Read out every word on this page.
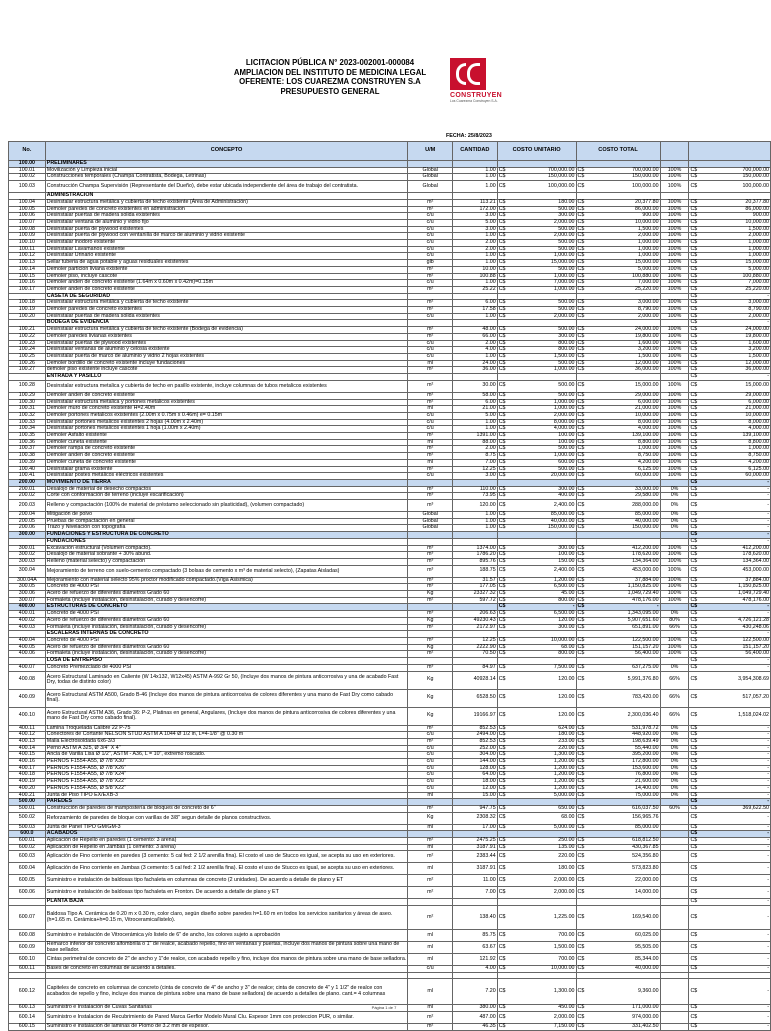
LICITACION PÚBLICA N° 2023-002001-000084
AMPLIACION DEL INSTITUTO DE MEDICINA LEGAL
OFERENTE: LOS CUAREZMA CONSTRUYEN S.A
PRESUPUESTO GENERAL	CONSTRUYEN
Los Cuarezma Construyen S.A.
FECHA: 25/8/2023
No.	CONCEPTO	U/M	CANTIDAD	COSTO UNITARIO	COSTO TOTAL		
100.00	PRELIMINARES						
100.01	Movilización y Limpieza inicial	Global	1.00	C$ 700,000.00	C$ 700,000.00	100%	C$ 700,000.00

100.02	Construcciones temporales (Champa Contratista, Bodega, Letrinas)	Global	1.00	C$ 150,000.00	C$ 150,000.00	100%	C$ 150,000.00

100.03	Construcción Champa Supervisión (Representante del Dueño), debe estar ubicada independiente del área de trabajo del contratista.	Global	1.00	C$ 100,000.00	C$ 100,000.00	100%	C$ 100,000.00

	ADMINISTRACION						
100.04	Desinstalar estructura metálica y cubierta de techo existente (Área de Administración)	m²	113.21	C$ 180.00	C$ 20,377.80	100%	C$ 20,377.80

100.05	Demoler paredes de concreto existentes en administracion	m²	172.00	C$ 500.00	C$ 86,000.00	100%	C$ 86,000.00

100.06	Desinstalar puertas de madera solida existentes	c/u	3.00	C$ 300.00	C$ 900.00	100%	C$ 900.00

100.07	Desinstalar ventana de aluminio y vidrio fijo	c/u	5.00	C$ 2,000.00	C$ 10,000.00	100%	C$ 10,000.00

100.08	Desinstalar puerta de plywood existentes	c/u	3.00	C$ 500.00	C$ 1,500.00	100%	C$ 1,500.00

100.09	Desinstalar puerta de plywood con ventanilla de marco de aluminio y vidrio existente	c/u	1.00	C$ 2,000.00	C$ 2,000.00	100%	C$ 2,000.00

100.10	Desinstalar inodoro existente	c/u	2.00	C$ 500.00	C$ 1,000.00	100%	C$ 1,000.00

100.11	Desinstalar Lavamanos existente	c/u	2.00	C$ 500.00	C$ 1,000.00	100%	C$ 1,000.00

100.12	Desinstalar Urinario existente	c/u	1.00	C$ 1,000.00	C$ 1,000.00	100%	C$ 1,000.00

100.13	Sellar tuberia de agua potable y aguas residuales existentes	glb	1.00	C$ 15,000.00	C$ 15,000.00	100%	C$ 15,000.00

100.14	Demoler particion liviana existente	m²	10.00	C$ 500.00	C$ 5,000.00	100%	C$ 5,000.00

100.15	Demoler piso, incluye cascote	m²	100.88	C$ 1,000.00	C$ 100,880.00	100%	C$ 100,880.00

100.16	Demoler anden de concreto existente (1.64m x 0.60m x 0.42m)=0.15m	c/u	1.00	C$ 7,000.00	C$ 7,000.00	100%	C$ 7,000.00

100.17	Demoler anden de concreto existente	m²	25.22	C$ 1,000.00	C$ 25,220.00	100%	C$ 25,220.00

	CASETA DE SEGURIDAD						C$ -

100.18	Desinstalar estructura metálica y cubierta de techo existente	m²	6.00	C$ 500.00	C$ 3,000.00	100%	C$ 3,000.00

100.19	Demoler paredes de concreto existentes	m²	17.58	C$ 500.00	C$ 8,790.00	100%	C$ 8,790.00

100.20	Desinstalar puertas de madera solida existentes	c/u	1.00	C$ 2,000.00	C$ 2,000.00	100%	C$ 2,000.00

	BODEGA DE EVIDENCIA						C$ -

100.21	Desinstalar estructura metálica y cubierta de techo existente (Bodega de evidencia)	m²	48.00	C$ 500.00	C$ 24,000.00	100%	C$ 24,000.00

100.22	Demoler paredes livianas existentes	m²	66.00	C$ 300.00	C$ 19,800.00	100%	C$ 19,800.00

100.23	Desinstalar puertas de plywood existentes	c/u	2.00	C$ 800.00	C$ 1,600.00	100%	C$ 1,600.00

100.24	Desinstalar ventanas de aluminio y celosia existente	c/u	4.00	C$ 800.00	C$ 3,200.00	100%	C$ 3,200.00

100.25	Desinstalar puerta de marco de aluminio y vidrio 2 hojas existentes	c/u	1.00	C$ 1,500.00	C$ 1,500.00	100%	C$ 1,500.00

100.26	Demoler bordillo de concreto existente incluye fundaciones	ml	24.00	C$ 500.00	C$ 12,000.00	100%	C$ 12,000.00

100.27	demoler piso existente incluye cascote	m²	36.00	C$ 1,000.00	C$ 36,000.00	100%	C$ 36,000.00

	ENTRADA Y PASILLO						C$ -

100.28	Desinstalar estructura metalica y cubierta de techo en pasillo existente, incluye columnas de tubos metalicos existentes	m²	30.00	C$ 500.00	C$ 15,000.00	100%	C$ 15,000.00

100.29	Demoler anden de concreto existente	m²	58.00	C$ 500.00	C$ 29,000.00	100%	C$ 29,000.00

100.30	Desinstalar estructura metalica y portones metalicos existentes	m²	6.00	C$ 1,000.00	C$ 6,000.00	100%	C$ 6,000.00

100.31	Demoler muro de concreto existente H=2.40m	ml	21.00	C$ 1,000.00	C$ 21,000.00	100%	C$ 21,000.00

100.32	Demoler portones metalicos existentes (2.00m x 0.75m x 0.46m) e= 0.15m	c/u	5.00	C$ 2,000.00	C$ 10,000.00	100%	C$ 10,000.00

100.33	Desinstalar portones metalicos existentes 2 hojas (4.00m x 2.40m)	c/u	1.00	C$ 8,000.00	C$ 8,000.00	100%	C$ 8,000.00

100.34	Desinstalar portones metalicos existentes 1 hoja (1.00m x 2.40m)	c/u	1.00	C$ 4,000.00	C$ 4,000.00	100%	C$ 4,000.00

100.35	Demoler Asfalto existente	m²	1391.00	C$ 100.00	C$ 139,100.00	100%	C$ 139,100.00

100.36	Demoler cuneta existente	ml	88.00	C$ 100.00	C$ 8,800.00	100%	C$ 8,800.00

100.37	Demoler rampa de concreto existente	m²	2.00	C$ 500.00	C$ 1,000.00	100%	C$ 1,000.00

100.38	Demoler anden de concreto existente	m²	8.75	C$ 1,000.00	C$ 8,750.00	100%	C$ 8,750.00

100.39	Demoler cuneta de concreto existente	ml	7.00	C$ 600.00	C$ 4,200.00	100%	C$ 4,200.00

100.40	Desinstalar grama existente	m²	12.25	C$ 500.00	C$ 6,125.00	100%	C$ 6,125.00

100.41	Desinstalar postes metálicos eléctricos existentes	c/u	3.00	C$ 20,000.00	C$ 60,000.00	100%	C$ 60,000.00

200.00	MOVIMIENTO DE TIERRA						C$ -

200.01	Desalojo de material de desecho compactos	m³	110.00	C$ 300.00	C$ 33,000.00	0%	C$ -

200.02	Corte con conformación de terreno (incluye escarificación)	m³	73.95	C$ 400.00	C$ 29,580.00	0%	C$ -

200.03	Relleno y compactación (100% de material de préstamo seleccionado sin plasticidad), (volumen compactado)	m³	120.00	C$ 2,400.00	C$ 288,000.00	0%	C$ -

200.04	Mitigación de polvo	Global	1.00	C$ 85,000.00	C$ 85,000.00	0%	C$ -

200.05	Pruebas de compactación en general	Global	1.00	C$ 40,000.00	C$ 40,000.00	0%	C$ -

200.06	Trazo y Nivelación con topografía	Global	1.00	C$ 150,000.00	C$ 150,000.00	0%	C$ -

300.00	FUNDACIONES Y ESTRUCTURA DE CONCRETO						C$ -

	FUNDACIONES						C$ -

300.01	Excavación estructural (Volumen compacto).	m³	1374.00	C$ 300.00	C$ 412,200.00	100%	C$ 412,200.00

300.02	Desalojo de material sobrante + 30% abund.	m³	1786.20	C$ 100.00	C$ 178,620.00	100%	C$ 178,620.00

300.03	Relleno (material selecto) y compactación	m³	895.76	C$ 150.00	C$ 134,364.00	100%	C$ 134,364.00

300.04	Mejoramiento de terreno con suelo-cemento compactado (3 bolsas de cemento x m³ de material selecto), (Zapatas Aisladas)	m³	188.75	C$ 2,400.00	C$ 453,000.00	100%	C$ 453,000.00

300.04A	Mejoramiento con material selecto 95% proctor modificado compactado.(Viga Asismica)	m³	31.57	C$ 1,200.00	C$ 37,884.00	100%	C$ 37,884.00

300.05	Concreto de 4000 PSI	m³	177.05	C$ 6,500.00	C$ 1,150,825.00	100%	C$ 1,150,825.00

300.06	Acero de refuerzo de diferentes diámetros Grado 60	Kg	23327.32	C$ 45.00	C$ 1,049,729.40	100%	C$ 1,049,729.40

300.07	Formaleta (incluye instalación, desinstalación, curado y desencofre)	m²	597.72	C$ 800.00	C$ 478,176.00	100%	C$ 478,176.00

400.00	ESTRUCTURAS DE CONCRETO			C$ -	C$ -		C$ -

400.01	Concreto de 4000 PSI	m³	206.63	C$ 6,500.00	C$ 1,343,095.00	0%	C$ -

400.02	Acero de refuerzo de diferentes diámetros Grado 60	Kg	49230.43	C$ 120.00	C$ 5,907,651.60	80%	C$ 4,726,121.28

400.03	Formaleta (incluye instalación, desinstalación, curado y desencofre)	m²	2172.97	C$ 300.00	C$ 651,891.00	66%	C$ 430,248.06

	ESCALERAS INTERNAS DE CONCRETO						C$ -

400.04	Concreto de 4000 PSI	m³	12.25	C$ 10,000.00	C$ 122,500.00	100%	C$ 122,500.00

400.05	Acero de refuerzo de diferentes diámetros Grado 60	Kg	2222.90	C$ 68.00	C$ 151,157.20	100%	C$ 151,157.20

400.06	Formaleta (incluye instalación, desinstalación, curado y desencofre)	m²	70.50	C$ 800.00	C$ 56,400.00	100%	C$ 56,400.00

	LOSA DE ENTREPISO						C$ -

400.07	Concreto Premezclado de 4000 PSI	m³	84.97	C$ 7,500.00	C$ 637,275.00	0%	C$ -

400.08	Acero Estructural Laminado en Caliente (W 14x132, W12x45) ASTM A-992 Gr 50, (Incluye dos manos de pintura anticorrosiva y una de acabado Fast Dry, todas de distinto color)	Kg	40928.14	C$ 120.00	C$ 5,991,376.80	66%	C$ 3,954,308.69

400.09	Acero Estructural ASTM A500, Grado B-46 (Incluye dos manos de pintura anticorrosiva de colores diferentes y una mano de Fast Dry como cabado final).	Kg	6528.50	C$ 120.00	C$ 783,420.00	66%	C$ 517,057.20

400.10	Acero Estructural ASTM A36, Grado 36: P-2, Platinas en general, Angulares, (Incluye dos manos de pintura anticorrosiva de colores diferentes y una mano de Fast Dry como cabado final).	Kg	19166.97	C$ 120.00	C$ 2,300,036.40	66%	C$ 1,518,024.02

400.11	Lamina Troquelada Calibre 22 P-75	m²	852.53	C$ 624.00	C$ 531,978.72	0%	C$ -

400.12	Conectores de Cortante NELSON STUD ASTM A 1044 Ø 1/2 in, L=4-1/8" @ 0.30 m	c/u	2494.00	C$ 180.00	C$ 448,920.00	0%	C$ -

400.13	Malla Electrosoldada 6x6-3/3	m²	852.53	C$ 233.00	C$ 198,639.49	0%	C$ -

400.14	Perno ASTM A 325, Ø 3/4" X 4"	c/u	252.00	C$ 220.00	C$ 55,440.00	0%	C$ -

400.15	Ancla de Varilla Lisa Ø 1/2", ASTM - A36, L = 10", extremo roscado.	c/u	304.00	C$ 1,300.00	C$ 395,200.00	0%	C$ -

400.16	PERNOS F1554-A55, Ø 7/8"X30"	c/u	144.00	C$ 1,200.00	C$ 172,800.00	0%	C$ -

400.17	PERNOS F1554-A55, Ø 7/8"X26"	c/u	128.00	C$ 1,200.00	C$ 153,600.00	0%	C$ -

400.18	PERNOS F1554-A55, Ø 7/8"X24"	c/u	64.00	C$ 1,200.00	C$ 76,800.00	0%	C$ -

400.19	PERNOS F1554-A55, Ø 7/8"X22"	c/u	18.00	C$ 1,200.00	C$ 21,600.00	0%	C$ -

400.20	PERNOS F1554-A55, Ø 5/8"X22"	c/u	12.00	C$ 1,200.00	C$ 14,400.00	0%	C$ -

400.21	Junta de Piso TIPO EX/EXB-3	ml	15.00	C$ 5,000.00	C$ 75,000.00	0%	C$ -

500.00	PAREDES						C$ -

500.01	Construcción de paredes de mampostería de bloques de concreto de 6"	m²	947.75	C$ 650.00	C$ 616,037.50	60%	C$ 369,622.50

500.02	Reforzamiento de paredes de bloque con varillas de 3/8" segun detalle de planos constructivos.	Kg	2308.32	C$ 68.00	C$ 156,965.76		C$ -

500.03	Junta de Panel TIPO GM/GM-3	ml	17.00	C$ 5,000.00	C$ 85,000.00		C$ -

600.0	ACABADOS						C$ -

600.01	Aplicación de Repello en paredes (1 cemento: 3 arena)	m²	2475.25	C$ 250.00	C$ 618,812.50		C$ -

600.02	Aplicación de Repello en Jambas (1 cemento: 3 arena)	ml	3187.91	C$ 135.00	C$ 430,367.85		C$ -

600.03	Aplicación de Fino corriente en paredes (3 cemento: 5 cal fed: 2 1/2 arenilla fina). El costo el uso de Stucco es igual, se acepta su uso en exteriores.	m²	2383.44	C$ 220.00	C$ 524,356.80		C$ -

600.04	Aplicación de Fino corriente en Jambas (3 cemento: 5 cal fed: 2 1/2 arenilla fina). El costo el uso de Stucco es igual, se acepta su uso en exteriores.	ml	3187.91	C$ 180.00	C$ 573,823.80		C$ -

600.05	Suministro e instalación de baldosas tipo fachaleta en columnas de concreto (2 unidades). De acuerdo a detalle de plano y ET	m²	11.00	C$ 2,000.00	C$ 22,000.00		C$ -

600.06	Suministro e instalación de baldosas tipo fachaleta en Fronton. De acuerdo a detalle de plano y ET	m²	7.00	C$ 2,000.00	C$ 14,000.00		C$ -

	PLANTA BAJA						C$ -

600.07	Baldosa Tipo A. Cerámica de 0.20 m x 0.30 m, color claro, según diseño sobre paredes h=1.60 m en todos los servicios sanitarios y áreas de aseo. (h=1.65 m. Cerámica+h=0.15 m, Vitroceramica/listelo).	m²	138.40	C$ 1,225.00	C$ 169,540.00		C$ -

600.08	Suministro e instalación de Vitrocerámica y/o listelo de 6" de ancho, los colores sujeto a aprobación	ml	85.75	C$ 700.00	C$ 60,025.00		C$ -

600.09	Remarco inferior de concreto alfombrilla o 1" de realce, acabado repello, fino en ventanas y puertas, incluye dos manos de pintura sobre una mano de base sellador.	ml	63.67	C$ 1,500.00	C$ 95,505.00		C$ -

600.10	Cintas perimetral de concreto de 2" de ancho y 1"de realce, con acabado repello y fino, incluye dos manos de pintura sobre una mano de base selladora.	ml	121.92	C$ 700.00	C$ 85,344.00		C$ -

600.11	Bases de concreto en columnas de acuerdo a detalles.	c/u	4.00	C$ 10,000.00	C$ 40,000.00		C$ -

600.12	Capiteles de concreto en columnas de concreto (cinta de concreto de 4" de ancho y 3" de realce; cinta de concreto de 4" y 1 1/2" de realce con acabados de repello y fino, incluye dos manos de pintura sobre una mano de base selladora) de acuerdo a detalles de plano. cant.= 4 columnas	ml	7.20	C$ 1,300.00	C$ 9,360.00		C$ -

600.13	Suministro e Instalación de Cuvas Sanitarias	ml	380.00	C$ 450.00	C$ 171,000.00		C$ -

600.14	Suministro e Instalacion de Recubrimiento de Pared Marca Gerflor Modelo Mural Clu. Espesor 1mm con proteccion PUR, o similar.	m²	487.00	C$ 2,000.00	C$ 974,000.00		C$ -

600.15	Suministro e instalación de laminas de Plomo de 3.2 mm de espesor.	m²	46.35	C$ 7,150.00	C$ 331,402.50		C$ -
Página 1 de 7
